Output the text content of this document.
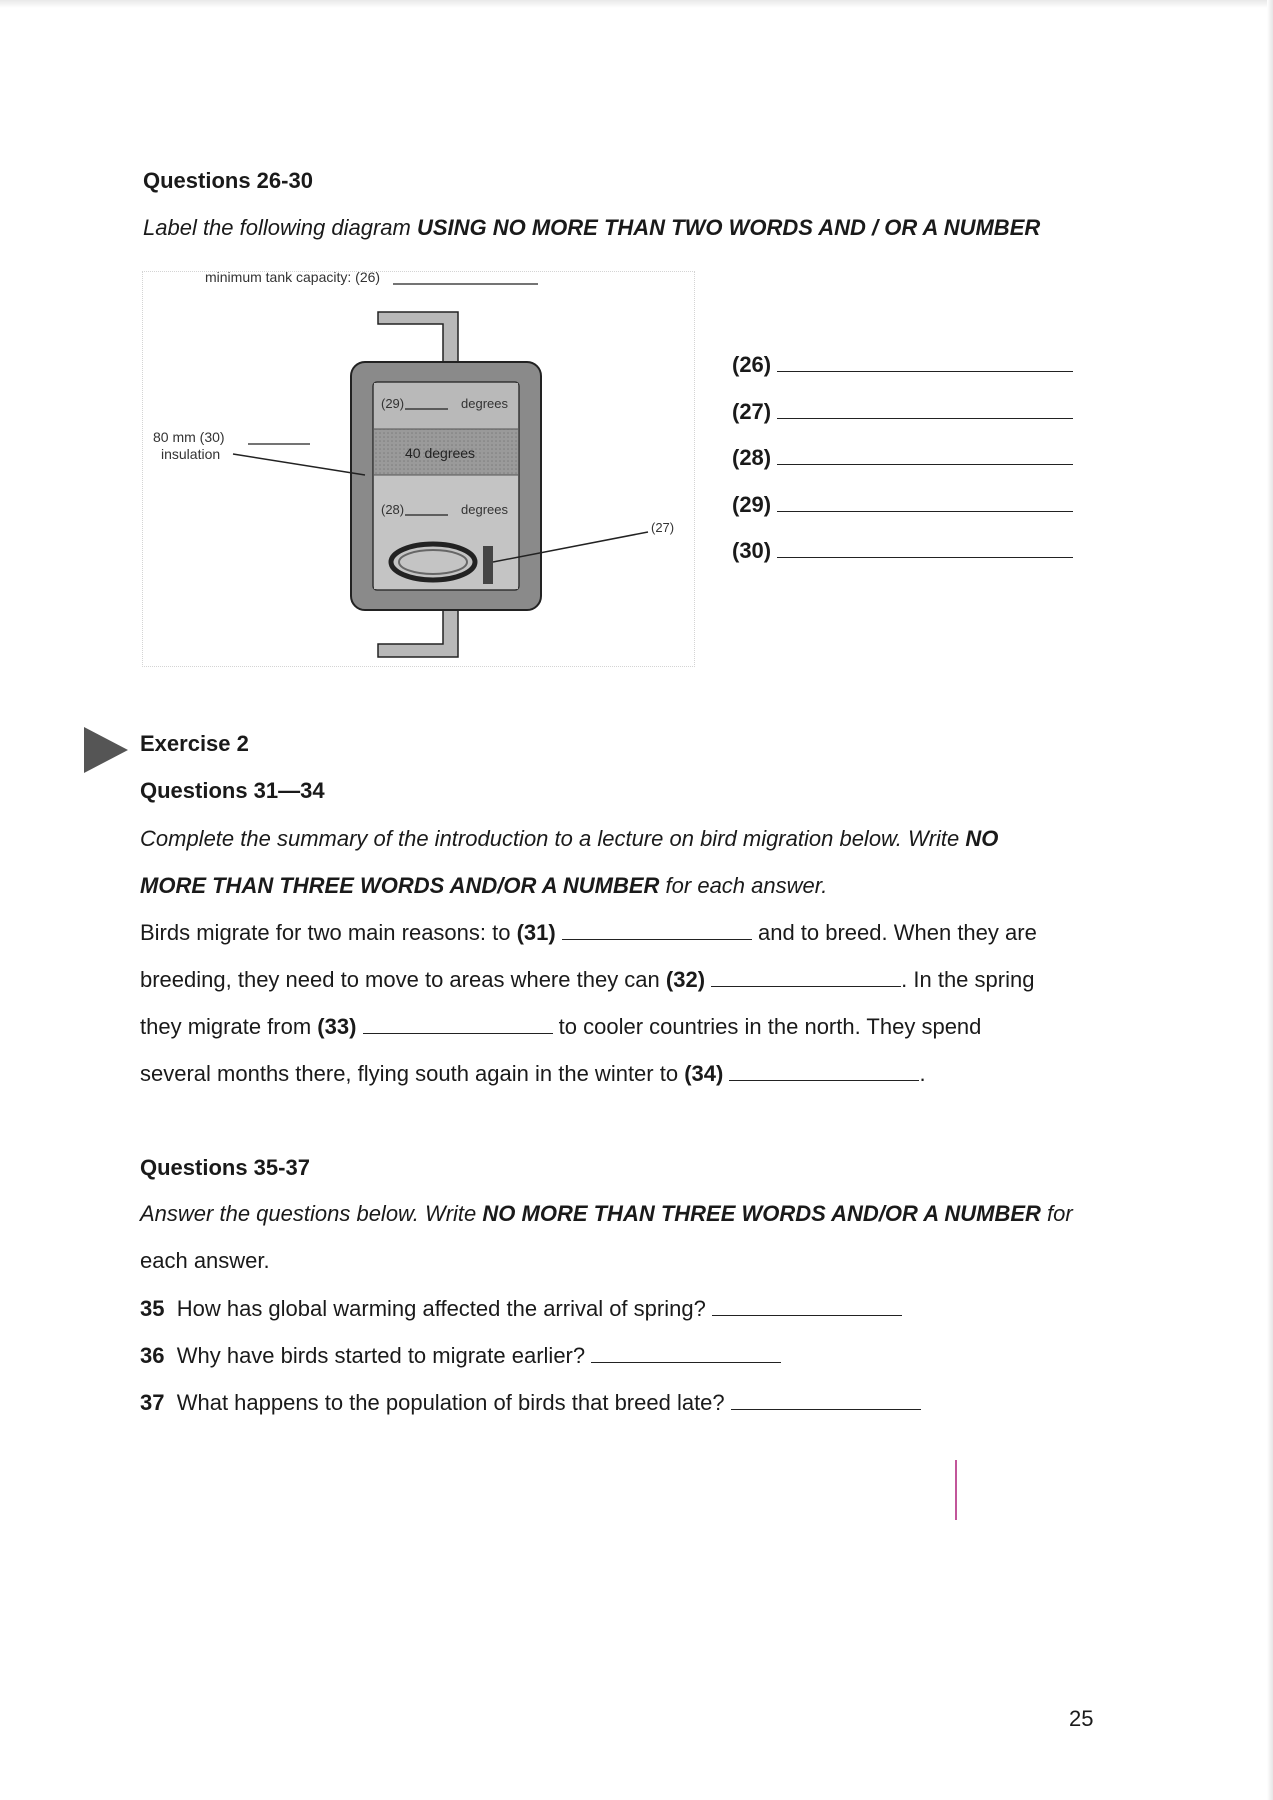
Questions 26-30
Label the following diagram USING NO MORE THAN TWO WORDS AND / OR A NUMBER
minimum tank capacity: (26)
80 mm (30)
insulation
(29)	degrees
40 degrees
(28)	degrees
(27)
(26)
(27)
(28)
(29)
(30)
Exercise 2
Questions 31—34
Complete the summary of the introduction to a lecture on bird migration below. Write NO
MORE THAN THREE WORDS AND/OR A NUMBER for each answer.
Birds migrate for two main reasons: to (31)	and to breed. When they are
breeding, they need to move to areas where they can (32)	. In the spring
they migrate from (33)	to cooler countries in the north. They spend
several months there, flying south again in the winter to (34)	.
Questions 35-37
Answer the questions below. Write NO MORE THAN THREE WORDS AND/OR A NUMBER for
each answer.
35 How has global warming affected the arrival of spring?
36 Why have birds started to migrate earlier?
37 What happens to the population of birds that breed late?
25
